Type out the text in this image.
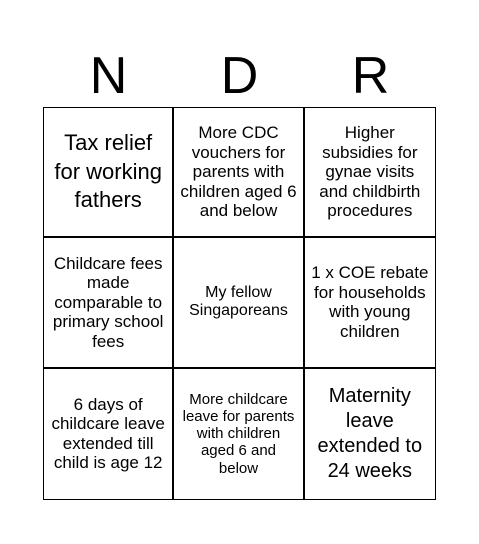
N	D	R
Tax relief for working fathers
More CDC vouchers for parents with children aged 6 and below
Higher subsidies for gynae visits and childbirth procedures
Childcare fees made comparable to primary school fees
My fellow Singaporeans
1 x COE rebate for households with young children
6 days of childcare leave extended till child is age 12
More childcare leave for parents with children aged 6 and below
Maternity leave extended to 24 weeks
